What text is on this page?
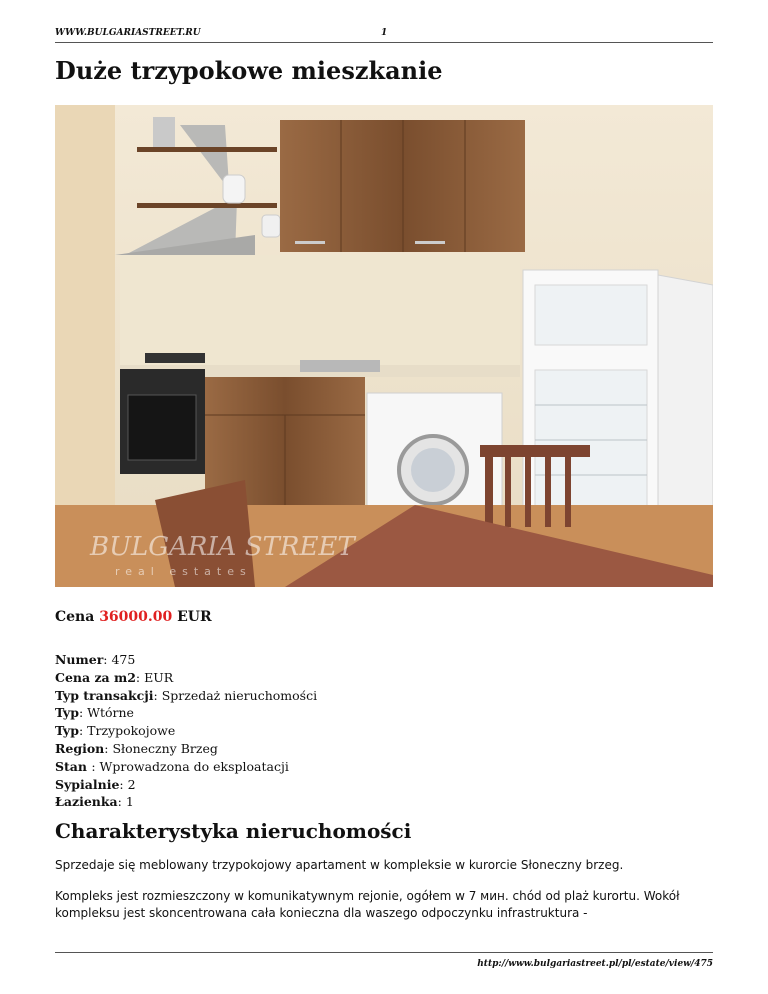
WWW.BULGARIASTREET.RU	1
Duże trzypokowe mieszkanie
BULGARIA STREET
real estates
Cena 36000.00 EUR
Numer: 475
Cena za m2: EUR
Typ transakcji: Sprzedaż nieruchomości
Typ: Wtórne
Typ: Trzypokojowe
Region: Słoneczny Brzeg
Stan : Wprowadzona do eksploatacji
Sypialnie: 2
Łazienka: 1
Charakterystyka nieruchomości

Sprzedaje się meblowany trzypokojowy apartament w kompleksie w kurorcie Słoneczny brzeg.

Kompleks jest rozmieszczony w komunikatywnym rejonie, ogółem w 7 мин. chód od plaż kurortu. Wokół kompleksu jest skoncentrowana cała konieczna dla waszego odpoczynku infrastruktura -

http://www.bulgariastreet.pl/pl/estate/view/475
